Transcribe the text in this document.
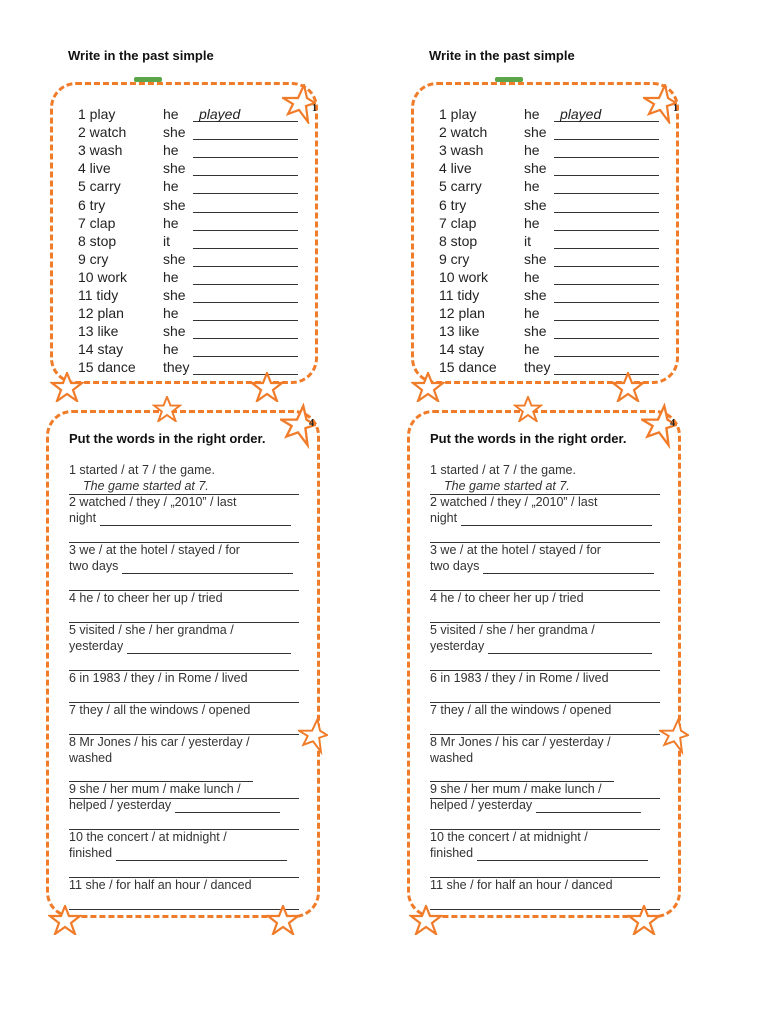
Write in the past simple
1 play	he	played
2 watch	she
3 wash	he
4 live	she
5 carry	he
6 try	she
7 clap	he
8 stop	it
9 cry	she
10 work	he
11 tidy	she
12 plan	he
13 like	she
14 stay	he
15 dance	they
1
4
Put the words in the right order.
1 started / at 7 / the game.
The game started at 7.
2 watched / they / „2010” / last
night
3 we / at the hotel / stayed / for
two days
4 he / to cheer her up / tried
5 visited / she / her grandma /
yesterday
6 in 1983 / they / in Rome / lived
7 they / all the windows / opened
8 Mr Jones / his car / yesterday /
washed
9 she / her mum / make lunch /
helped / yesterday
10 the concert / at midnight /
finished
11 she / for half an hour / danced
Write in the past simple
1 play	he	played
2 watch	she
3 wash	he
4 live	she
5 carry	he
6 try	she
7 clap	he
8 stop	it
9 cry	she
10 work	he
11 tidy	she
12 plan	he
13 like	she
14 stay	he
15 dance	they
1
4
Put the words in the right order.
1 started / at 7 / the game.
The game started at 7.
2 watched / they / „2010” / last
night
3 we / at the hotel / stayed / for
two days
4 he / to cheer her up / tried
5 visited / she / her grandma /
yesterday
6 in 1983 / they / in Rome / lived
7 they / all the windows / opened
8 Mr Jones / his car / yesterday /
washed
9 she / her mum / make lunch /
helped / yesterday
10 the concert / at midnight /
finished
11 she / for half an hour / danced
